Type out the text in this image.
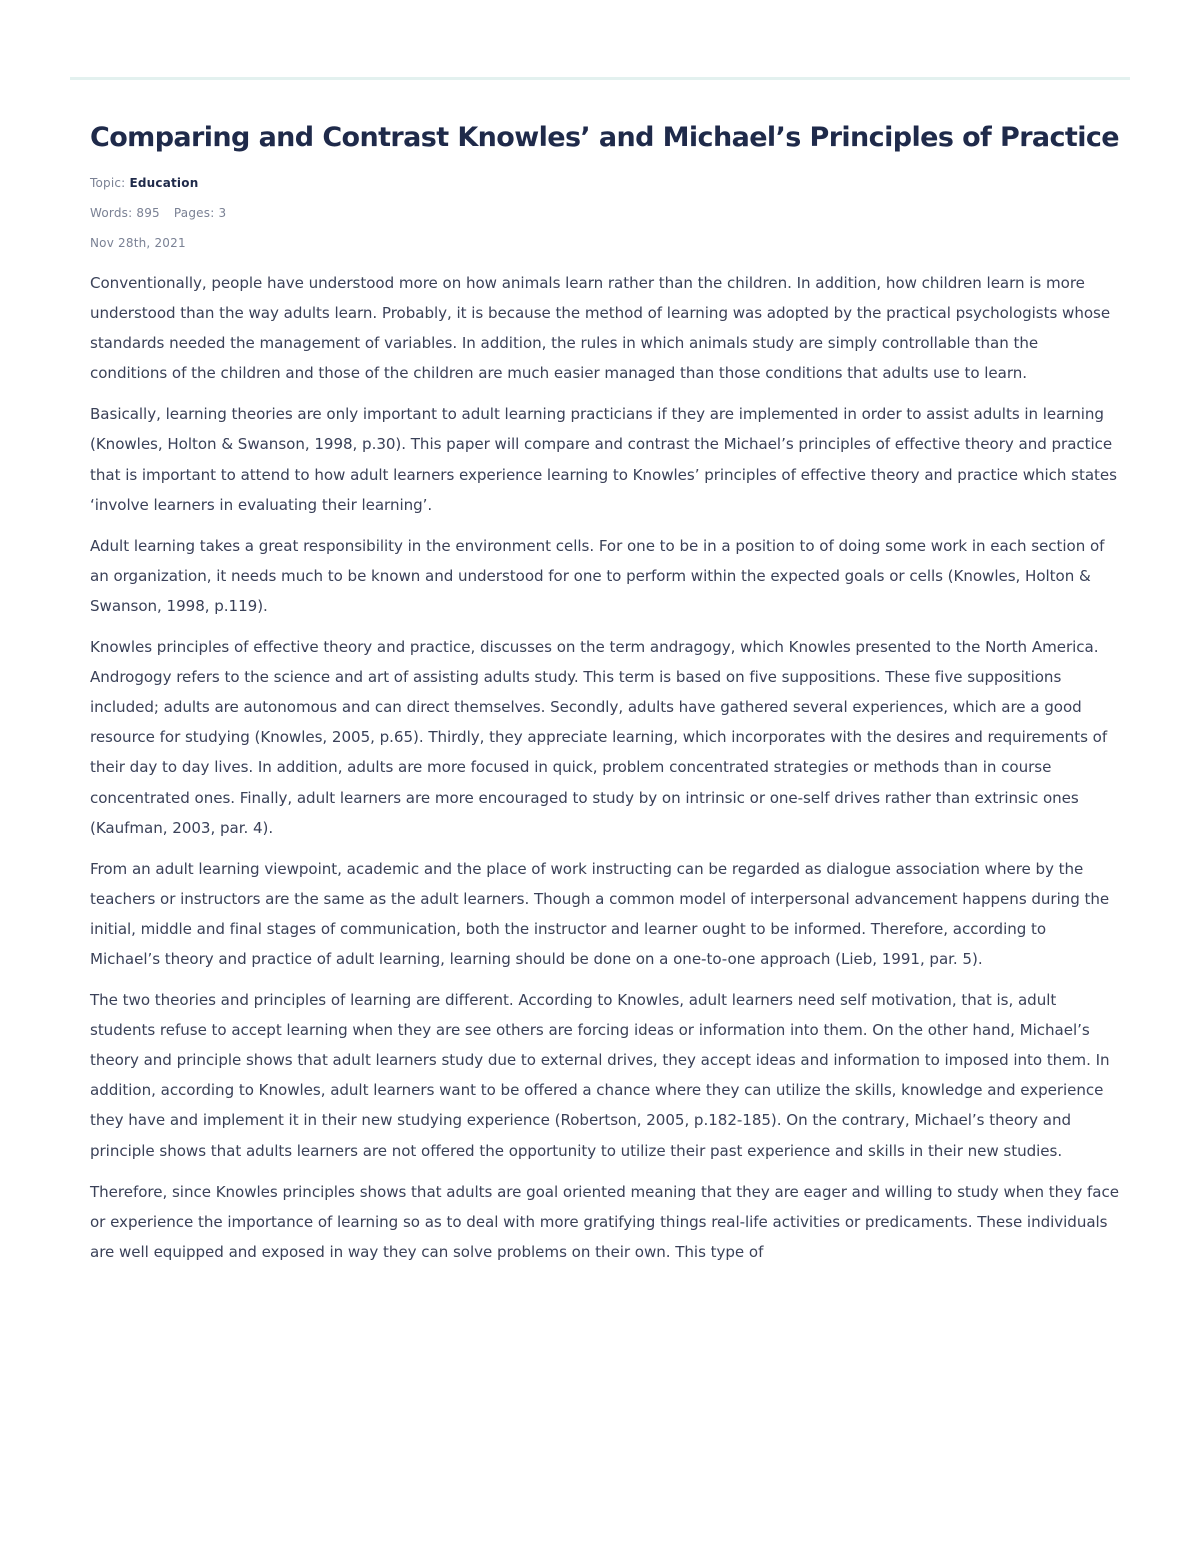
Comparing and Contrast Knowles’ and Michael’s Principles of Practice
Topic: Education
Words: 895 Pages: 3
Nov 28th, 2021

Conventionally, people have understood more on how animals learn rather than the children. In addition, how children learn is more understood than the way adults learn. Probably, it is because the method of learning was adopted by the practical psychologists whose standards needed the management of variables. In addition, the rules in which animals study are simply controllable than the conditions of the children and those of the children are much easier managed than those conditions that adults use to learn.

Basically, learning theories are only important to adult learning practicians if they are implemented in order to assist adults in learning (Knowles, Holton & Swanson, 1998, p.30). This paper will compare and contrast the Michael’s principles of effective theory and practice that is important to attend to how adult learners experience learning to Knowles’ principles of effective theory and practice which states ‘involve learners in evaluating their learning’.

Adult learning takes a great responsibility in the environment cells. For one to be in a position to of doing some work in each section of an organization, it needs much to be known and understood for one to perform within the expected goals or cells (Knowles, Holton & Swanson, 1998, p.119).

Knowles principles of effective theory and practice, discusses on the term andragogy, which Knowles presented to the North America. Androgogy refers to the science and art of assisting adults study. This term is based on five suppositions. These five suppositions included; adults are autonomous and can direct themselves. Secondly, adults have gathered several experiences, which are a good resource for studying (Knowles, 2005, p.65). Thirdly, they appreciate learning, which incorporates with the desires and requirements of their day to day lives. In addition, adults are more focused in quick, problem concentrated strategies or methods than in course concentrated ones. Finally, adult learners are more encouraged to study by on intrinsic or one-self drives rather than extrinsic ones (Kaufman, 2003, par. 4).

From an adult learning viewpoint, academic and the place of work instructing can be regarded as dialogue association where by the teachers or instructors are the same as the adult learners. Though a common model of interpersonal advancement happens during the initial, middle and final stages of communication, both the instructor and learner ought to be informed. Therefore, according to Michael’s theory and practice of adult learning, learning should be done on a one-to-one approach (Lieb, 1991, par. 5).

The two theories and principles of learning are different. According to Knowles, adult learners need self motivation, that is, adult students refuse to accept learning when they are see others are forcing ideas or information into them. On the other hand, Michael’s theory and principle shows that adult learners study due to external drives, they accept ideas and information to imposed into them. In addition, according to Knowles, adult learners want to be offered a chance where they can utilize the skills, knowledge and experience they have and implement it in their new studying experience (Robertson, 2005, p.182-185). On the contrary, Michael’s theory and principle shows that adults learners are not offered the opportunity to utilize their past experience and skills in their new studies.

Therefore, since Knowles principles shows that adults are goal oriented meaning that they are eager and willing to study when they face or experience the importance of learning so as to deal with more gratifying things real-life activities or predicaments. These individuals are well equipped and exposed in way they can solve problems on their own. This type of
